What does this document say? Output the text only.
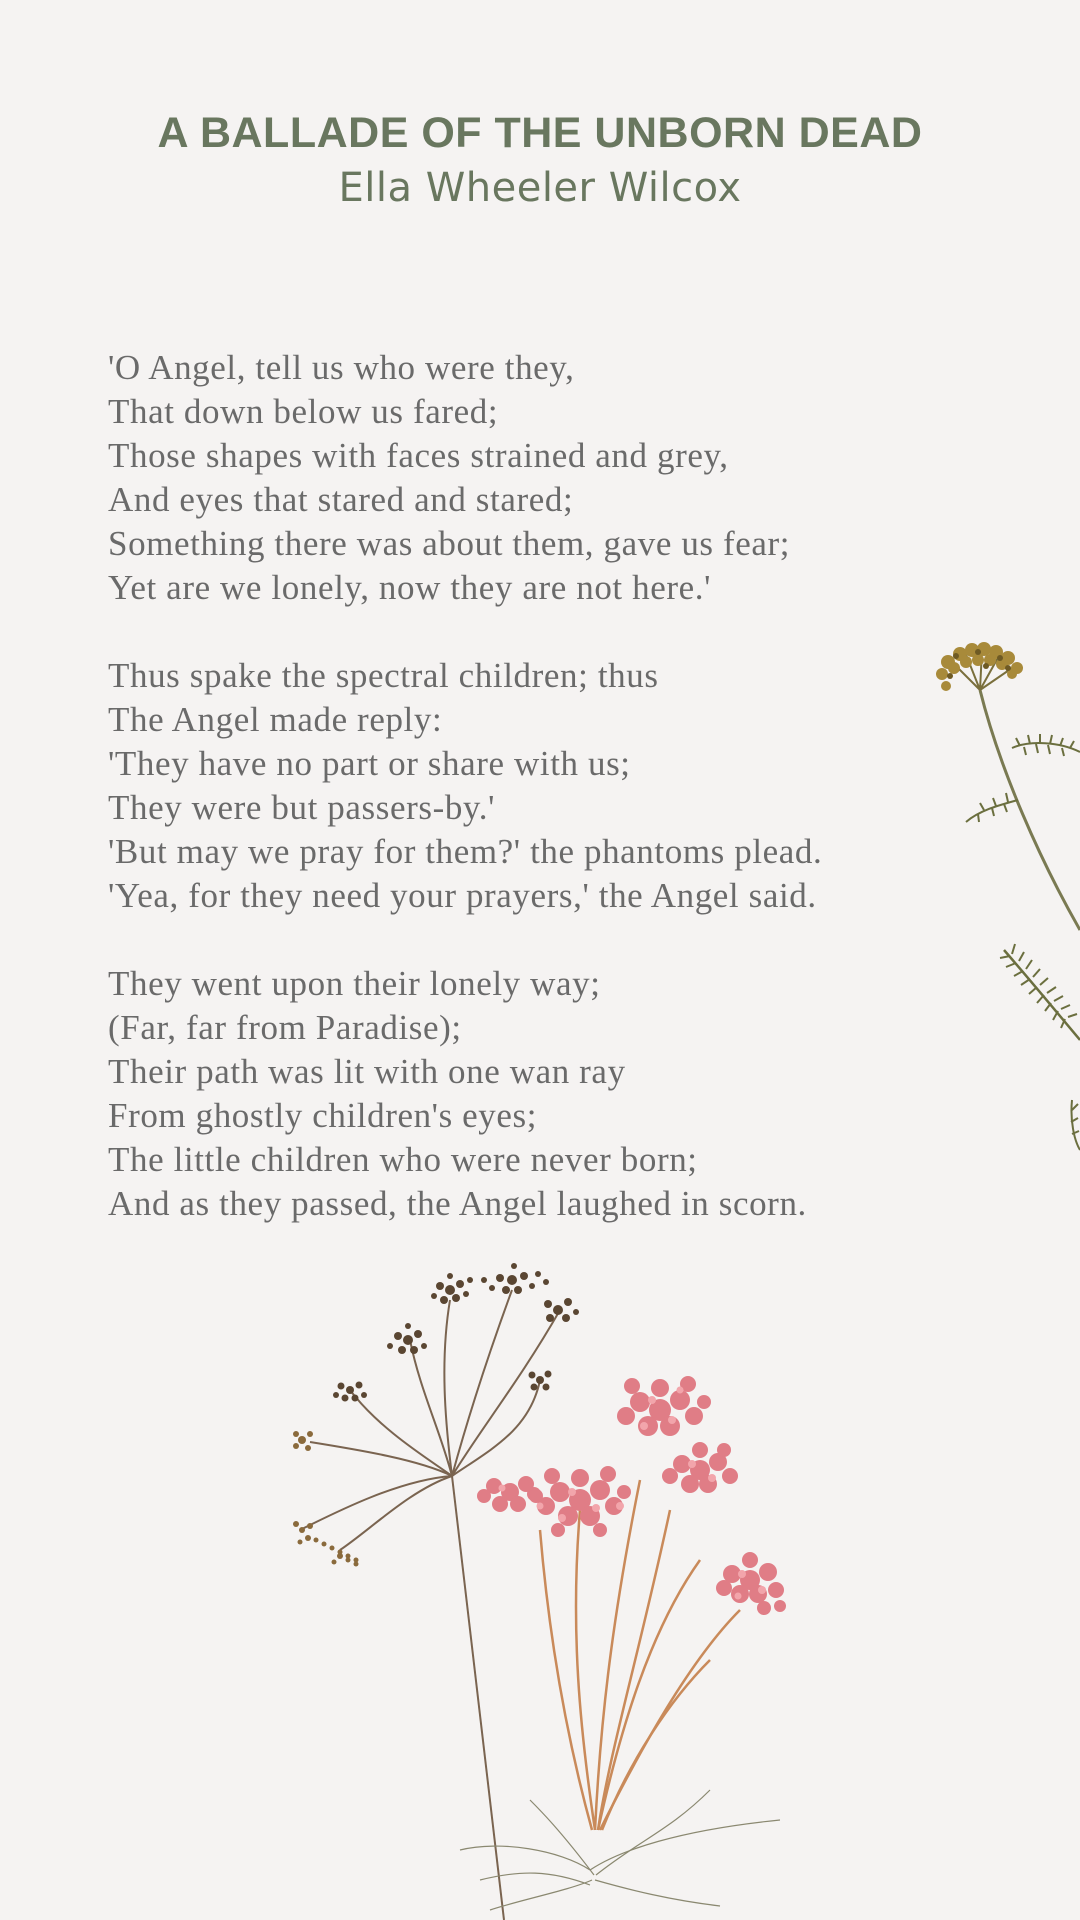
A BALLADE OF THE UNBORN DEAD
Ella Wheeler Wilcox
'O Angel, tell us who were they,
That down below us fared;
Those shapes with faces strained and grey,
And eyes that stared and stared;
Something there was about them, gave us fear;
Yet are we lonely, now they are not here.'
Thus spake the spectral children; thus
The Angel made reply:
'They have no part or share with us;
They were but passers-by.'
'But may we pray for them?' the phantoms plead.
'Yea, for they need your prayers,' the Angel said.
They went upon their lonely way;
(Far, far from Paradise);
Their path was lit with one wan ray
From ghostly children's eyes;
The little children who were never born;
And as they passed, the Angel laughed in scorn.
